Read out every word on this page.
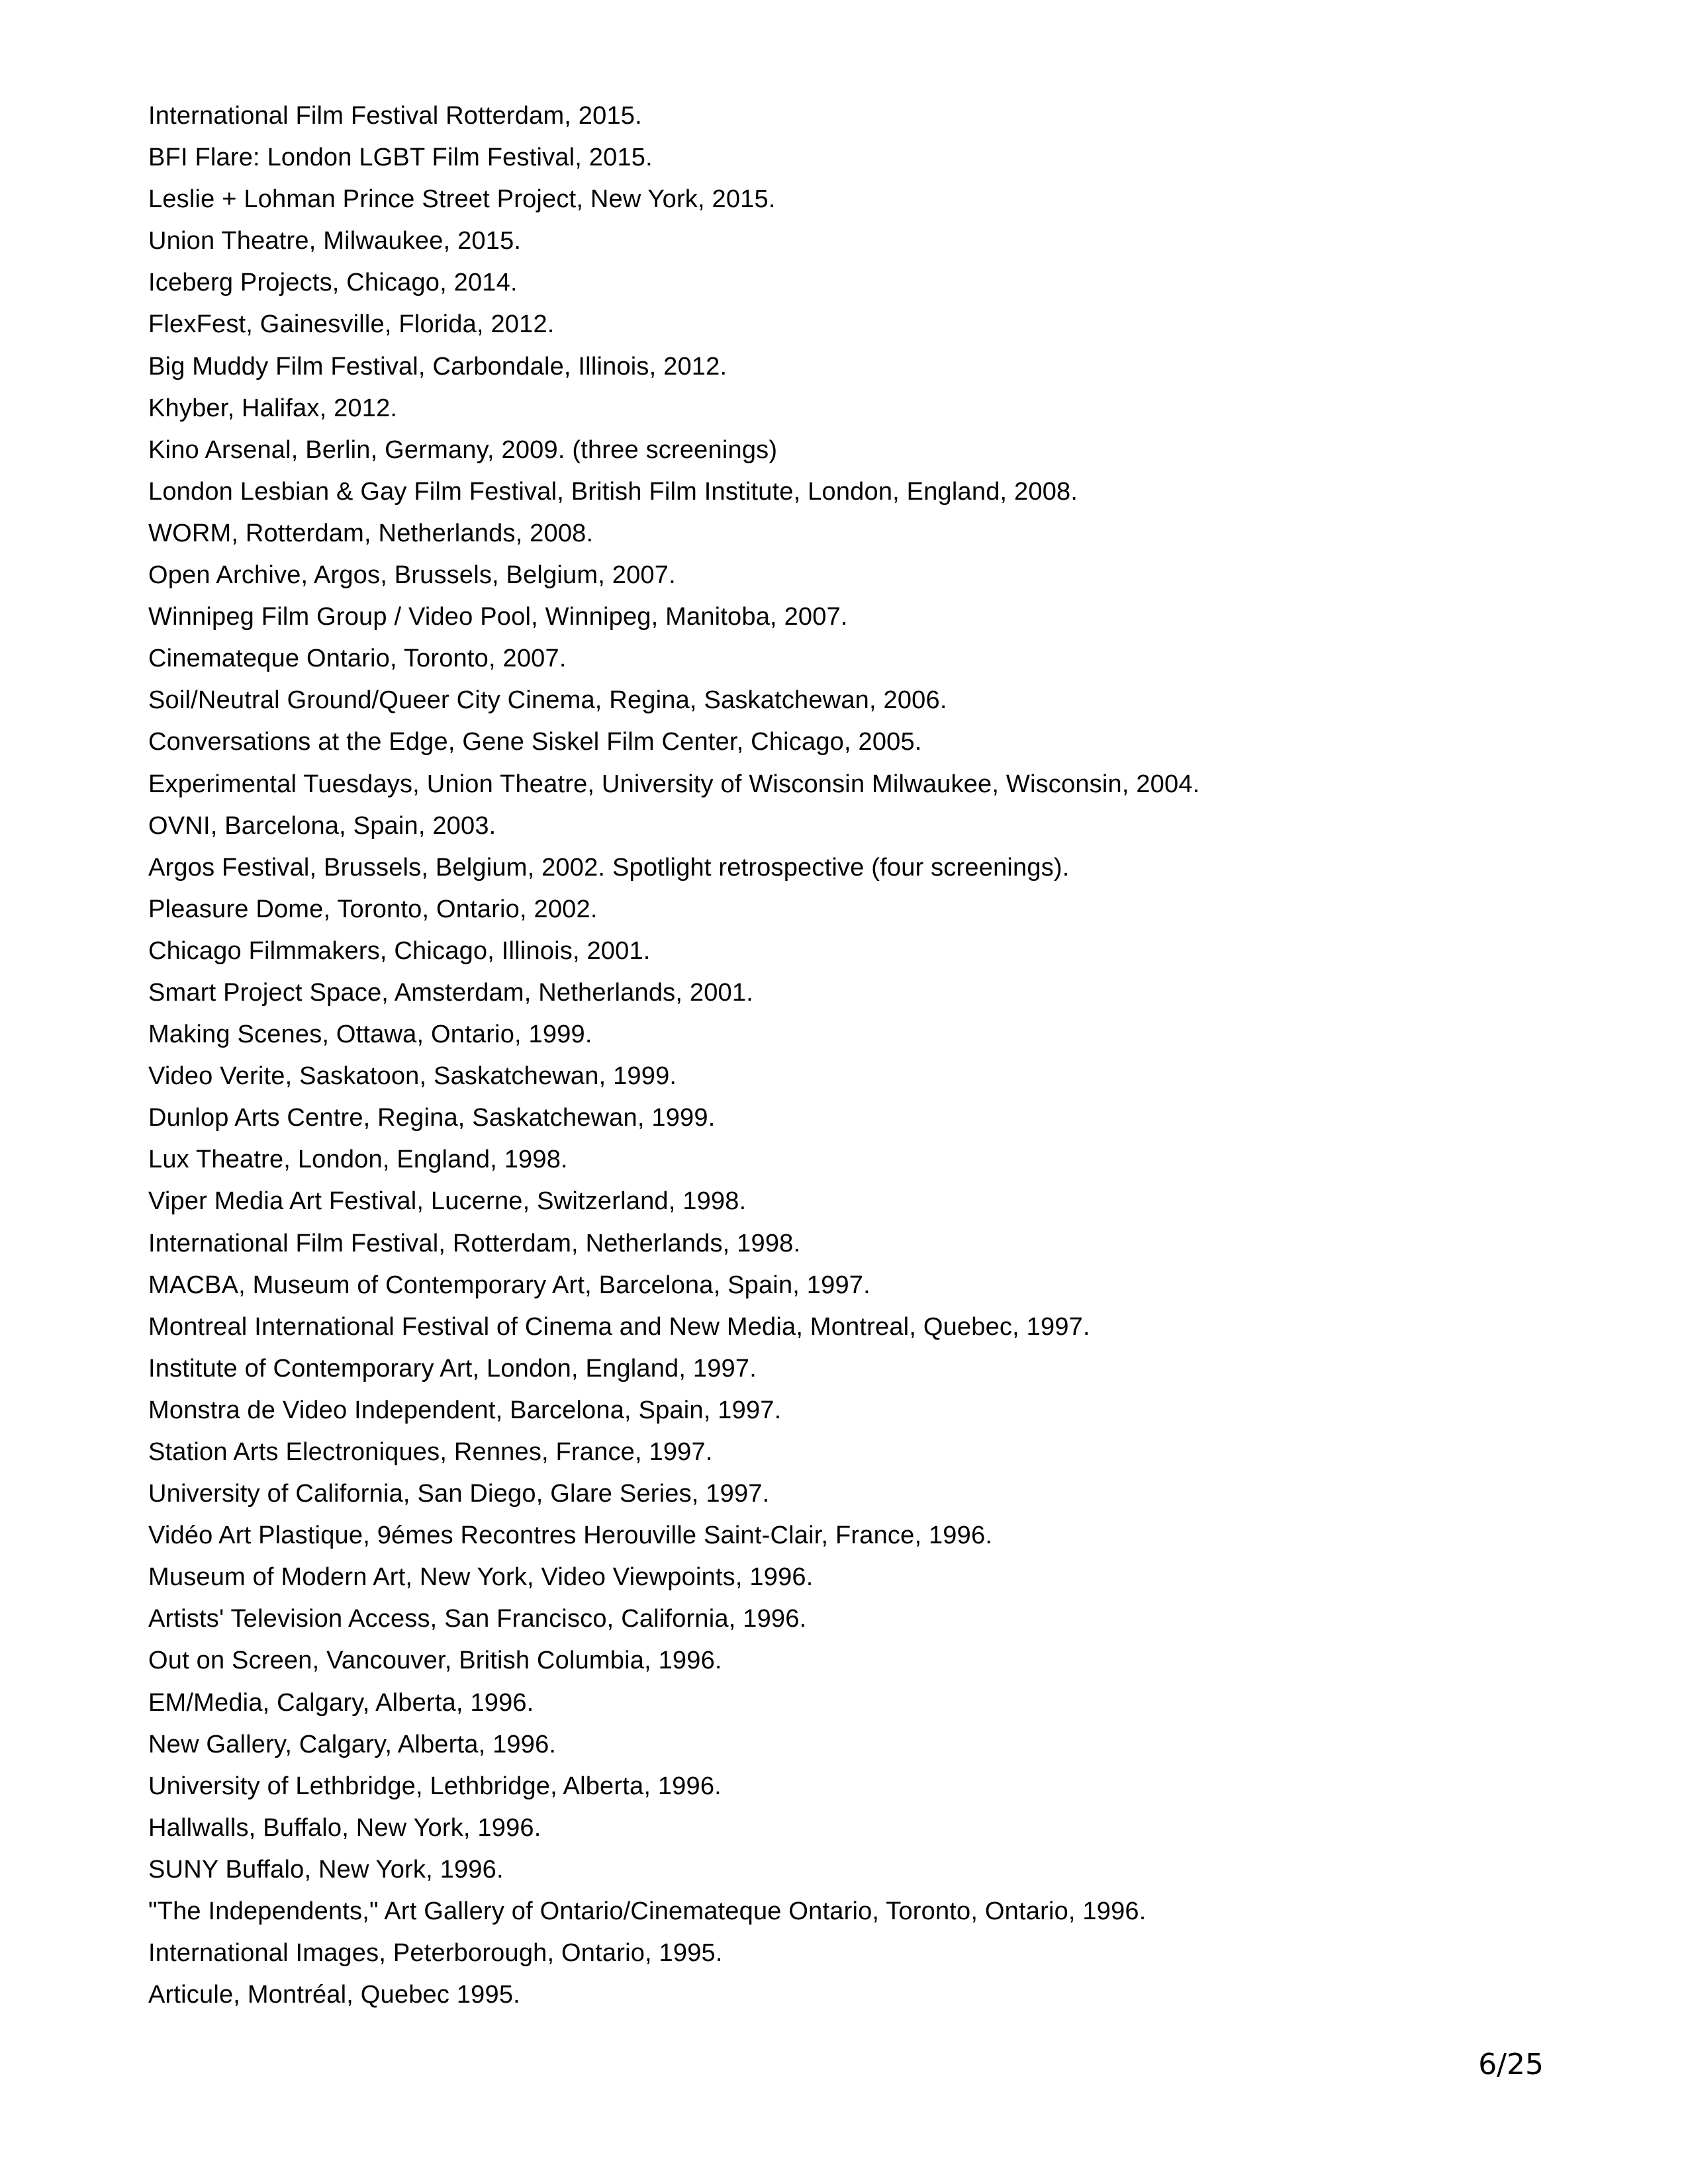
International Film Festival Rotterdam, 2015.
BFI Flare: London LGBT Film Festival, 2015.
Leslie + Lohman Prince Street Project, New York, 2015.
Union Theatre, Milwaukee, 2015.
Iceberg Projects, Chicago, 2014.
FlexFest, Gainesville, Florida, 2012.
Big Muddy Film Festival, Carbondale, Illinois, 2012.
Khyber, Halifax, 2012.
Kino Arsenal, Berlin, Germany, 2009. (three screenings)
London Lesbian & Gay Film Festival, British Film Institute, London, England, 2008.
WORM, Rotterdam, Netherlands, 2008.
Open Archive, Argos, Brussels, Belgium, 2007.
Winnipeg Film Group / Video Pool, Winnipeg, Manitoba, 2007.
Cinemateque Ontario, Toronto, 2007.
Soil/Neutral Ground/Queer City Cinema, Regina, Saskatchewan, 2006.
Conversations at the Edge, Gene Siskel Film Center, Chicago, 2005.
Experimental Tuesdays, Union Theatre, University of Wisconsin Milwaukee, Wisconsin, 2004.
OVNI, Barcelona, Spain, 2003.
Argos Festival, Brussels, Belgium, 2002. Spotlight retrospective (four screenings).
Pleasure Dome, Toronto, Ontario, 2002.
Chicago Filmmakers, Chicago, Illinois, 2001.
Smart Project Space, Amsterdam, Netherlands, 2001.
Making Scenes, Ottawa, Ontario, 1999.
Video Verite, Saskatoon, Saskatchewan, 1999.
Dunlop Arts Centre, Regina, Saskatchewan, 1999.
Lux Theatre, London, England, 1998.
Viper Media Art Festival, Lucerne, Switzerland, 1998.
International Film Festival, Rotterdam, Netherlands, 1998.
MACBA, Museum of Contemporary Art, Barcelona, Spain, 1997.
Montreal International Festival of Cinema and New Media, Montreal, Quebec, 1997.
Institute of Contemporary Art, London, England, 1997.
Monstra de Video Independent, Barcelona, Spain, 1997.
Station Arts Electroniques, Rennes, France, 1997.
University of California, San Diego, Glare Series, 1997.
Vidéo Art Plastique, 9émes Recontres Herouville Saint-Clair, France, 1996.
Museum of Modern Art, New York, Video Viewpoints, 1996.
Artists' Television Access, San Francisco, California, 1996.
Out on Screen, Vancouver, British Columbia, 1996.
EM/Media, Calgary, Alberta, 1996.
New Gallery, Calgary, Alberta, 1996.
University of Lethbridge, Lethbridge, Alberta, 1996.
Hallwalls, Buffalo, New York, 1996.
SUNY Buffalo, New York, 1996.
"The Independents," Art Gallery of Ontario/Cinemateque Ontario, Toronto, Ontario, 1996.
International Images, Peterborough, Ontario, 1995.
Articule, Montréal, Quebec 1995.
6/25
